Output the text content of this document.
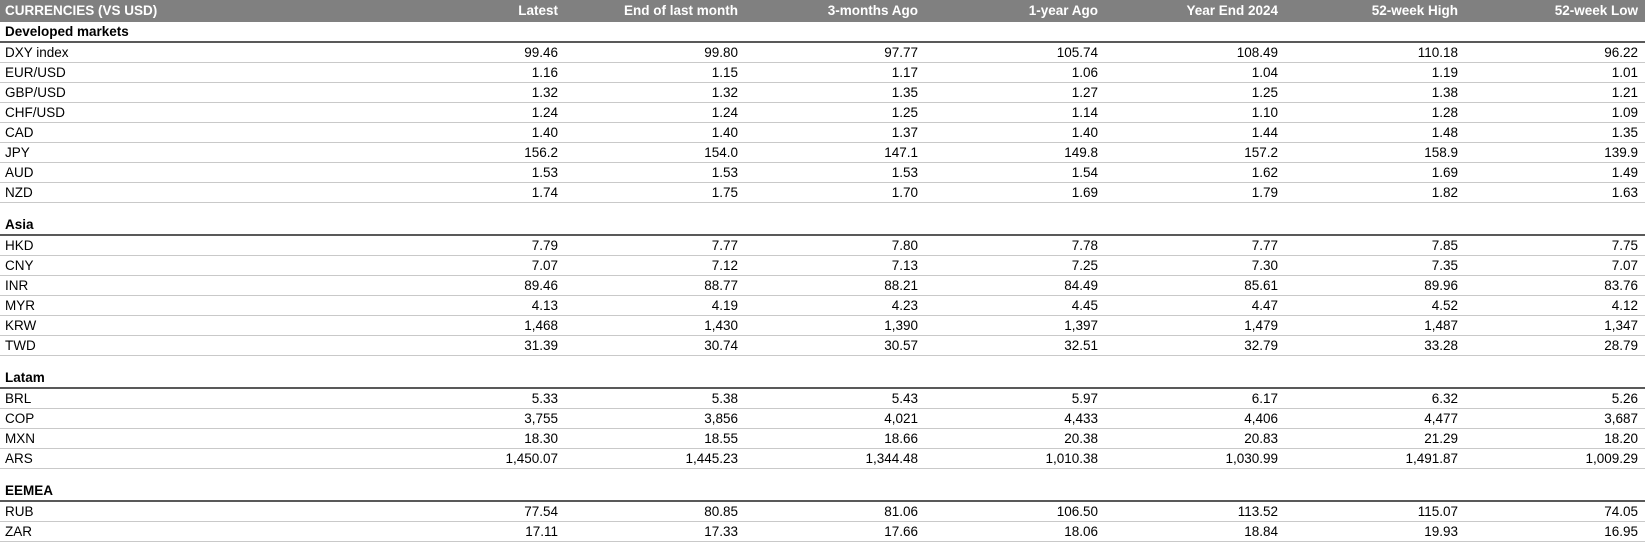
CURRENCIES (VS USD)	Latest	End of last month	3-months Ago	1-year Ago	Year End 2024	52-week High	52-week Low
Developed markets							
DXY index	99.46	99.80	97.77	105.74	108.49	110.18	96.22
EUR/USD	1.16	1.15	1.17	1.06	1.04	1.19	1.01
GBP/USD	1.32	1.32	1.35	1.27	1.25	1.38	1.21
CHF/USD	1.24	1.24	1.25	1.14	1.10	1.28	1.09
CAD	1.40	1.40	1.37	1.40	1.44	1.48	1.35
JPY	156.2	154.0	147.1	149.8	157.2	158.9	139.9
AUD	1.53	1.53	1.53	1.54	1.62	1.69	1.49
NZD	1.74	1.75	1.70	1.69	1.79	1.82	1.63

Asia							
HKD	7.79	7.77	7.80	7.78	7.77	7.85	7.75
CNY	7.07	7.12	7.13	7.25	7.30	7.35	7.07
INR	89.46	88.77	88.21	84.49	85.61	89.96	83.76
MYR	4.13	4.19	4.23	4.45	4.47	4.52	4.12
KRW	1,468	1,430	1,390	1,397	1,479	1,487	1,347
TWD	31.39	30.74	30.57	32.51	32.79	33.28	28.79

Latam							
BRL	5.33	5.38	5.43	5.97	6.17	6.32	5.26
COP	3,755	3,856	4,021	4,433	4,406	4,477	3,687
MXN	18.30	18.55	18.66	20.38	20.83	21.29	18.20
ARS	1,450.07	1,445.23	1,344.48	1,010.38	1,030.99	1,491.87	1,009.29

EEMEA							
RUB	77.54	80.85	81.06	106.50	113.52	115.07	74.05
ZAR	17.11	17.33	17.66	18.06	18.84	19.93	16.95
